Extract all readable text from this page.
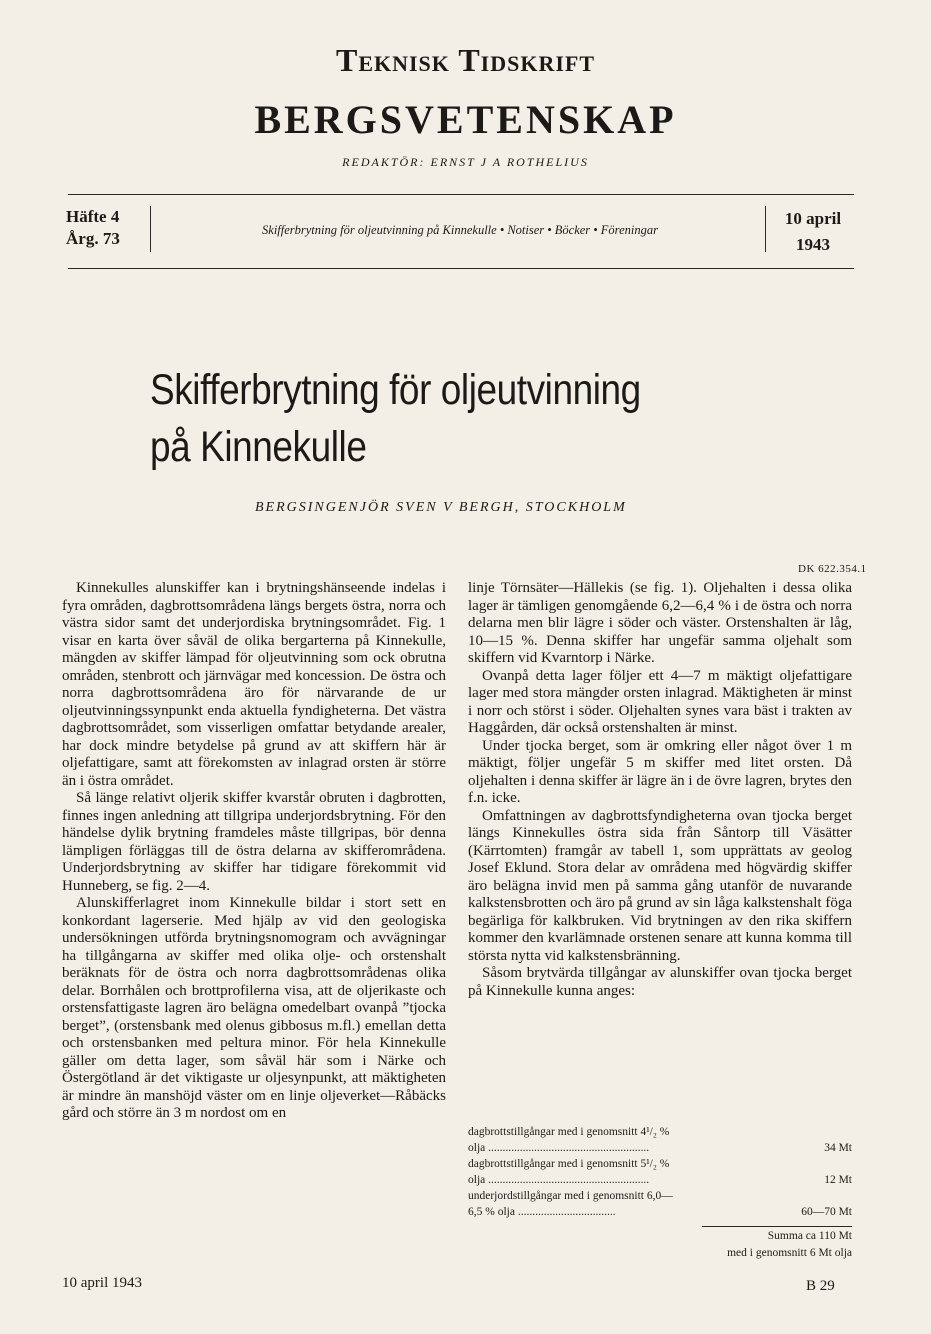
Teknisk Tidskrift
BERGSVETENSKAP
REDAKTÖR: ERNST J A ROTHELIUS
Häfte 4
Årg. 73	Skifferbrytning för oljeutvinning på Kinnekulle • Notiser • Böcker • Föreningar
10 april
1943
Skifferbrytning för oljeutvinning
på Kinnekulle
BERGSINGENJÖR SVEN V BERGH, STOCKHOLM
DK 622.354.1

Kinnekulles alunskiffer kan i brytningshänseende indelas i fyra områden, dagbrottsområdena längs bergets östra, norra och västra sidor samt det underjordiska brytningsområdet. Fig. 1 visar en karta över såväl de olika bergarterna på Kinnekulle, mängden av skiffer lämpad för oljeutvinning som ock obrutna områden, stenbrott och järnvägar med koncession. De östra och norra dagbrottsområdena äro för närvarande de ur oljeutvinningssynpunkt enda aktuella fyndigheterna. Det västra dagbrottsområdet, som visserligen omfattar betydande arealer, har dock mindre betydelse på grund av att skiffern här är oljefattigare, samt att förekomsten av inlagrad orsten är större än i östra området.

Så länge relativt oljerik skiffer kvarstår obruten i dagbrotten, finnes ingen anledning att tillgripa underjordsbrytning. För den händelse dylik brytning framdeles måste tillgripas, bör denna lämpligen förläggas till de östra delarna av skifferområdena. Underjordsbrytning av skiffer har tidigare förekommit vid Hunneberg, se fig. 2—4.

Alunskifferlagret inom Kinnekulle bildar i stort sett en konkordant lagerserie. Med hjälp av vid den geologiska undersökningen utförda brytningsnomogram och avvägningar ha tillgångarna av skiffer med olika olje- och orstenshalt beräknats för de östra och norra dagbrottsområdenas olika delar. Borrhålen och brottprofilerna visa, att de oljerikaste och orstensfattigaste lagren äro belägna omedelbart ovanpå ”tjocka berget”, (orstensbank med olenus gibbosus m.fl.) emellan detta och orstensbanken med peltura minor. För hela Kinnekulle gäller om detta lager, som såväl här som i Närke och Östergötland är det viktigaste ur oljesynpunkt, att mäktigheten är mindre än manshöjd väster om en linje oljeverket—Råbäcks gård och större än 3 m nordost om en

linje Törnsäter—Hällekis (se fig. 1). Oljehalten i dessa olika lager är tämligen genomgående 6,2—6,4 % i de östra och norra delarna men blir lägre i söder och väster. Orstenshalten är låg, 10—15 %. Denna skiffer har ungefär samma oljehalt som skiffern vid Kvarntorp i Närke.

Ovanpå detta lager följer ett 4—7 m mäktigt oljefattigare lager med stora mängder orsten inlagrad. Mäktigheten är minst i norr och störst i söder. Oljehalten synes vara bäst i trakten av Haggården, där också orstenshalten är minst.

Under tjocka berget, som är omkring eller något över 1 m mäktigt, följer ungefär 5 m skiffer med litet orsten. Då oljehalten i denna skiffer är lägre än i de övre lagren, brytes den f.n. icke.

Omfattningen av dagbrottsfyndigheterna ovan tjocka berget längs Kinnekulles östra sida från Såntorp till Väsätter (Kärrtomten) framgår av tabell 1, som upprättats av geolog Josef Eklund. Stora delar av områdena med högvärdig skiffer äro belägna invid men på samma gång utanför de nuvarande kalkstensbrotten och äro på grund av sin låga kalkstenshalt föga begärliga för kalkbruken. Vid brytningen av den rika skiffern kommer den kvarlämnade orstenen senare att kunna komma till största nytta vid kalkstensbränning.

Såsom brytvärda tillgångar av alunskiffer ovan tjocka berget på Kinnekulle kunna anges:

dagbrottstillgångar med i genomsnitt 4¹/₂ %
olja ........................................................	34 Mt
dagbrottstillgångar med i genomsnitt 5¹/₂ %
olja ........................................................	12 Mt
underjordstillgångar med i genomsnitt 6,0—
6,5 % olja ..................................	60—70 Mt
Summa ca 110 Mt
med i genomsnitt 6 Mt olja
10 april 1943	B 29
